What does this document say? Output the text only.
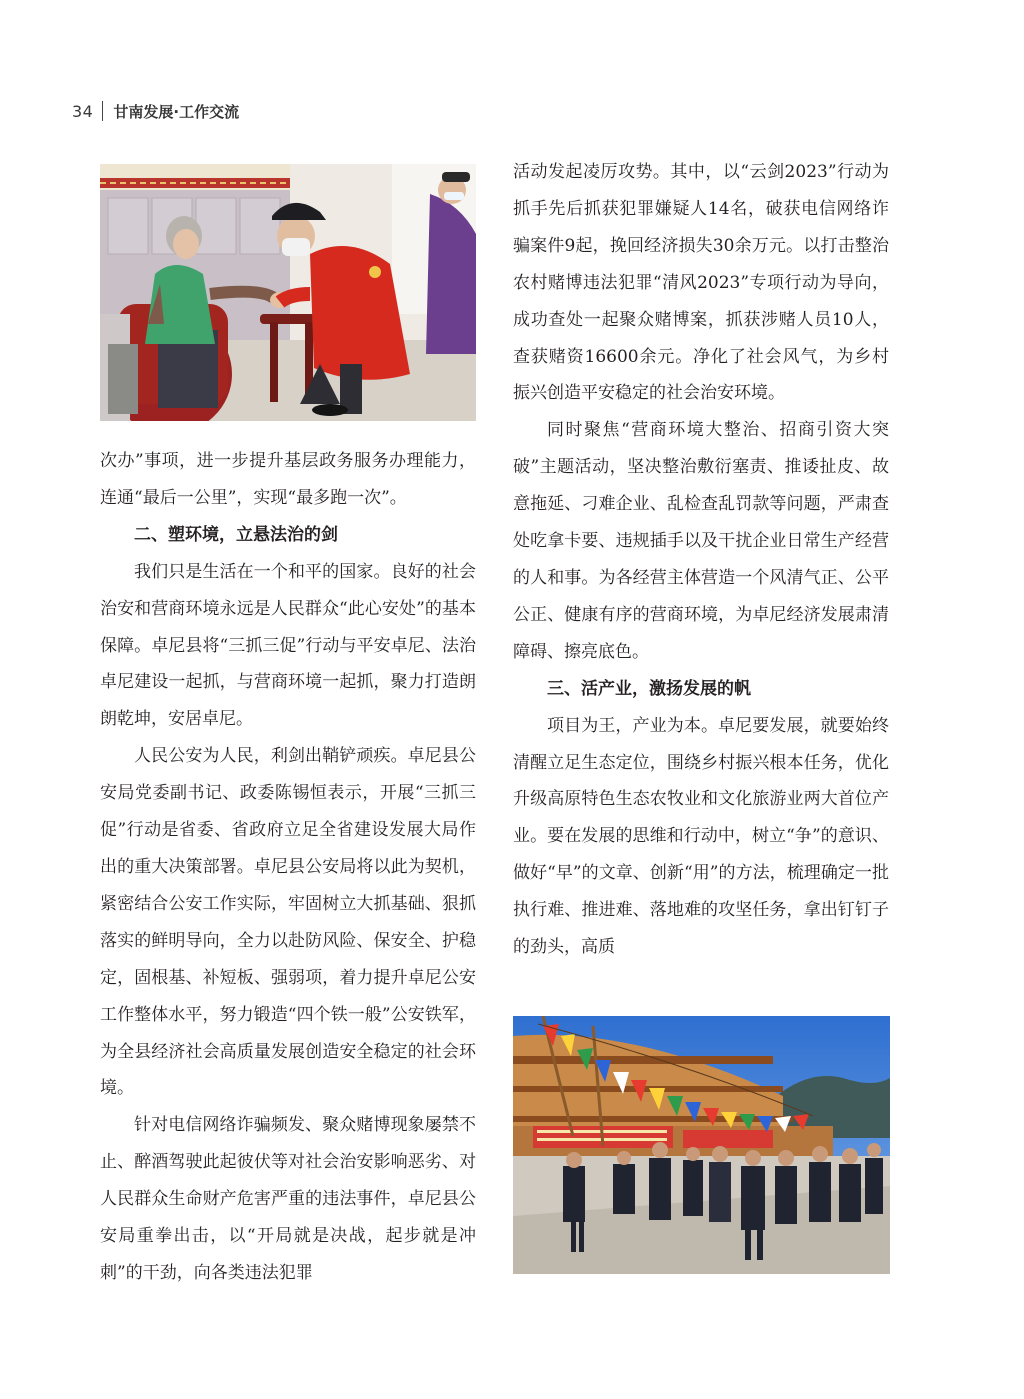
34 甘南发展·工作交流

次办”事项，进一步提升基层政务服务办理能力，连通“最后一公里”，实现“最多跑一次”。

二、塑环境，立悬法治的剑

我们只是生活在一个和平的国家。良好的社会治安和营商环境永远是人民群众“此心安处”的基本保障。卓尼县将“三抓三促”行动与平安卓尼、法治卓尼建设一起抓，与营商环境一起抓，聚力打造朗朗乾坤，安居卓尼。

人民公安为人民，利剑出鞘铲顽疾。卓尼县公安局党委副书记、政委陈锡恒表示，开展“三抓三促”行动是省委、省政府立足全省建设发展大局作出的重大决策部署。卓尼县公安局将以此为契机，紧密结合公安工作实际，牢固树立大抓基础、狠抓落实的鲜明导向，全力以赴防风险、保安全、护稳定，固根基、补短板、强弱项，着力提升卓尼公安工作整体水平，努力锻造“四个铁一般”公安铁军，为全县经济社会高质量发展创造安全稳定的社会环境。

针对电信网络诈骗频发、聚众赌博现象屡禁不止、醉酒驾驶此起彼伏等对社会治安影响恶劣、对人民群众生命财产危害严重的违法事件，卓尼县公安局重拳出击，以“开局就是决战，起步就是冲刺”的干劲，向各类违法犯罪

活动发起凌厉攻势。其中，以“云剑2023”行动为抓手先后抓获犯罪嫌疑人14名，破获电信网络诈骗案件9起，挽回经济损失30余万元。以打击整治农村赌博违法犯罪“清风2023”专项行动为导向，成功查处一起聚众赌博案，抓获涉赌人员10人，查获赌资16600余元。净化了社会风气，为乡村振兴创造平安稳定的社会治安环境。

同时聚焦“营商环境大整治、招商引资大突破”主题活动，坚决整治敷衍塞责、推诿扯皮、故意拖延、刁难企业、乱检查乱罚款等问题，严肃查处吃拿卡要、违规插手以及干扰企业日常生产经营的人和事。为各经营主体营造一个风清气正、公平公正、健康有序的营商环境，为卓尼经济发展肃清障碍、擦亮底色。

三、活产业，激扬发展的帆

项目为王，产业为本。卓尼要发展，就要始终清醒立足生态定位，围绕乡村振兴根本任务，优化升级高原特色生态农牧业和文化旅游业两大首位产业。要在发展的思维和行动中，树立“争”的意识、做好“早”的文章、创新“用”的方法，梳理确定一批执行难、推进难、落地难的攻坚任务，拿出钉钉子的劲头，高质
